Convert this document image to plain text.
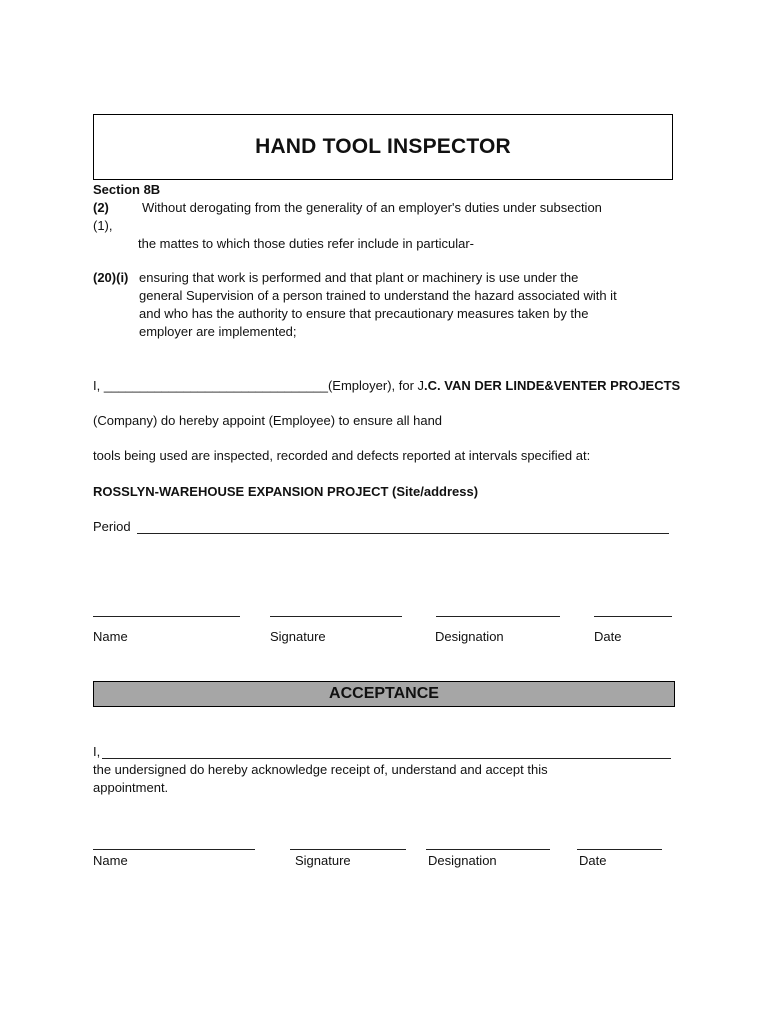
HAND TOOL INSPECTOR
Section 8B
(2)	Without derogating from the generality of an employer's duties under subsection
(1),
the mattes to which those duties refer include in particular-
(20)(i) ensuring that work is performed and that plant or machinery is use under the
general Supervision of a person trained to understand the hazard associated with it
and who has the authority to ensure that precautionary measures taken by the
employer are implemented;
I, _______________________________(Employer), for J.C. VAN DER LINDE&VENTER PROJECTS
(Company) do hereby appoint (Employee) to ensure all hand
tools being used are inspected, recorded and defects reported at intervals specified at:
ROSSLYN-WAREHOUSE EXPANSION PROJECT (Site/address)
Period
Name	Signature	Designation	Date
ACCEPTANCE
I,
the undersigned do hereby acknowledge receipt of, understand and accept this
appointment.
Name	Signature	Designation	Date
